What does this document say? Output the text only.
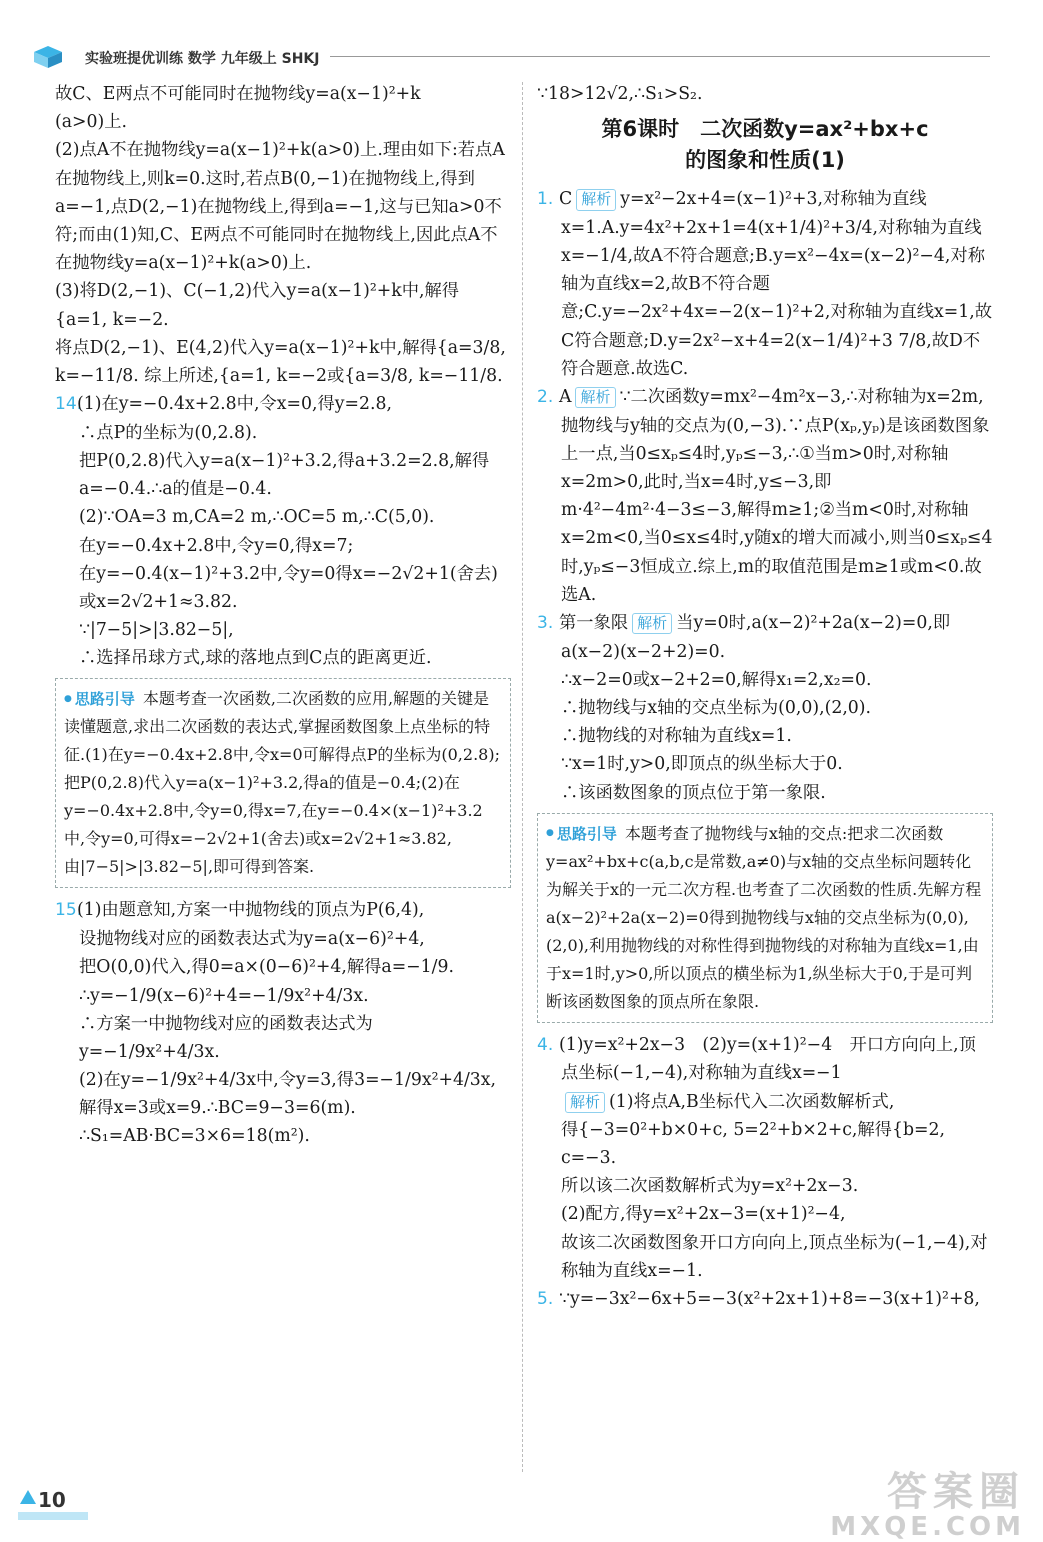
实验班提优训练 数学 九年级上 SHKJ

故C、E两点不可能同时在抛物线y=a(x−1)²+k

(a>0)上.

(2)点A不在抛物线y=a(x−1)²+k(a>0)上.理由如下:若点A在抛物线上,则k=0.这时,若点B(0,−1)在抛物线上,得到a=−1,点D(2,−1)在抛物线上,得到a=−1,这与已知a>0不符;而由(1)知,C、E两点不可能同时在抛物线上,因此点A不在抛物线y=a(x−1)²+k(a>0)上.

(3)将D(2,−1)、C(−1,2)代入y=a(x−1)²+k中,解得{a=1, k=−2.

将点D(2,−1)、E(4,2)代入y=a(x−1)²+k中,解得{a=3/8, k=−11/8. 综上所述,{a=1, k=−2或{a=3/8, k=−11/8.

14.(1)在y=−0.4x+2.8中,令x=0,得y=2.8,

∴点P的坐标为(0,2.8).

把P(0,2.8)代入y=a(x−1)²+3.2,得a+3.2=2.8,解得a=−0.4.∴a的值是−0.4.

(2)∵OA=3 m,CA=2 m,∴OC=5 m,∴C(5,0).

在y=−0.4x+2.8中,令y=0,得x=7;

在y=−0.4(x−1)²+3.2中,令y=0得x=−2√2+1(舍去)或x=2√2+1≈3.82.

∵|7−5|>|3.82−5|,

∴选择吊球方式,球的落地点到C点的距离更近.

● 思路引导 本题考查一次函数,二次函数的应用,解题的关键是读懂题意,求出二次函数的表达式,掌握函数图象上点坐标的特征.(1)在y=−0.4x+2.8中,令x=0可解得点P的坐标为(0,2.8);把P(0,2.8)代入y=a(x−1)²+3.2,得a的值是−0.4;(2)在y=−0.4x+2.8中,令y=0,得x=7,在y=−0.4×(x−1)²+3.2中,令y=0,可得x=−2√2+1(舍去)或x=2√2+1≈3.82,由|7−5|>|3.82−5|,即可得到答案.

15.(1)由题意知,方案一中抛物线的顶点为P(6,4),

设抛物线对应的函数表达式为y=a(x−6)²+4,

把O(0,0)代入,得0=a×(0−6)²+4,解得a=−1/9.

∴y=−1/9(x−6)²+4=−1/9x²+4/3x.

∴方案一中抛物线对应的函数表达式为y=−1/9x²+4/3x.

(2)在y=−1/9x²+4/3x中,令y=3,得3=−1/9x²+4/3x,解得x=3或x=9.∴BC=9−3=6(m).

∴S₁=AB·BC=3×6=18(m²).

∵18>12√2,∴S₁>S₂.

第6课时　二次函数y=ax²+bx+c
的图象和性质(1)

1. C 解析 y=x²−2x+4=(x−1)²+3,对称轴为直线x=1.A.y=4x²+2x+1=4(x+1/4)²+3/4,对称轴为直线x=−1/4,故A不符合题意;B.y=x²−4x=(x−2)²−4,对称轴为直线x=2,故B不符合题意;C.y=−2x²+4x=−2(x−1)²+2,对称轴为直线x=1,故C符合题意;D.y=2x²−x+4=2(x−1/4)²+3 7/8,故D不符合题意.故选C.

2. A 解析 ∵二次函数y=mx²−4m²x−3,∴对称轴为x=2m,抛物线与y轴的交点为(0,−3).∵点P(xₚ,yₚ)是该函数图象上一点,当0≤xₚ≤4时,yₚ≤−3,∴①当m>0时,对称轴x=2m>0,此时,当x=4时,y≤−3,即m·4²−4m²·4−3≤−3,解得m≥1;②当m<0时,对称轴x=2m<0,当0≤x≤4时,y随x的增大而减小,则当0≤xₚ≤4时,yₚ≤−3恒成立.综上,m的取值范围是m≥1或m<0.故选A.

3. 第一象限 解析 当y=0时,a(x−2)²+2a(x−2)=0,即a(x−2)(x−2+2)=0.

∴x−2=0或x−2+2=0,解得x₁=2,x₂=0.

∴抛物线与x轴的交点坐标为(0,0),(2,0).

∴抛物线的对称轴为直线x=1.

∵x=1时,y>0,即顶点的纵坐标大于0.

∴该函数图象的顶点位于第一象限.

● 思路引导 本题考查了抛物线与x轴的交点:把求二次函数y=ax²+bx+c(a,b,c是常数,a≠0)与x轴的交点坐标问题转化为解关于x的一元二次方程.也考查了二次函数的性质.先解方程a(x−2)²+2a(x−2)=0得到抛物线与x轴的交点坐标为(0,0),(2,0),利用抛物线的对称性得到抛物线的对称轴为直线x=1,由于x=1时,y>0,所以顶点的横坐标为1,纵坐标大于0,于是可判断该函数图象的顶点所在象限.

4. (1)y=x²+2x−3　(2)y=(x+1)²−4　开口方向向上,顶点坐标(−1,−4),对称轴为直线x=−1

解析 (1)将点A,B坐标代入二次函数解析式,

得{−3=0²+b×0+c, 5=2²+b×2+c,解得{b=2, c=−3.

所以该二次函数解析式为y=x²+2x−3.

(2)配方,得y=x²+2x−3=(x+1)²−4,

故该二次函数图象开口方向向上,顶点坐标为(−1,−4),对称轴为直线x=−1.

5. ∵y=−3x²−6x+5=−3(x²+2x+1)+8=−3(x+1)²+8,

10	答案圈
MXQE.COM
